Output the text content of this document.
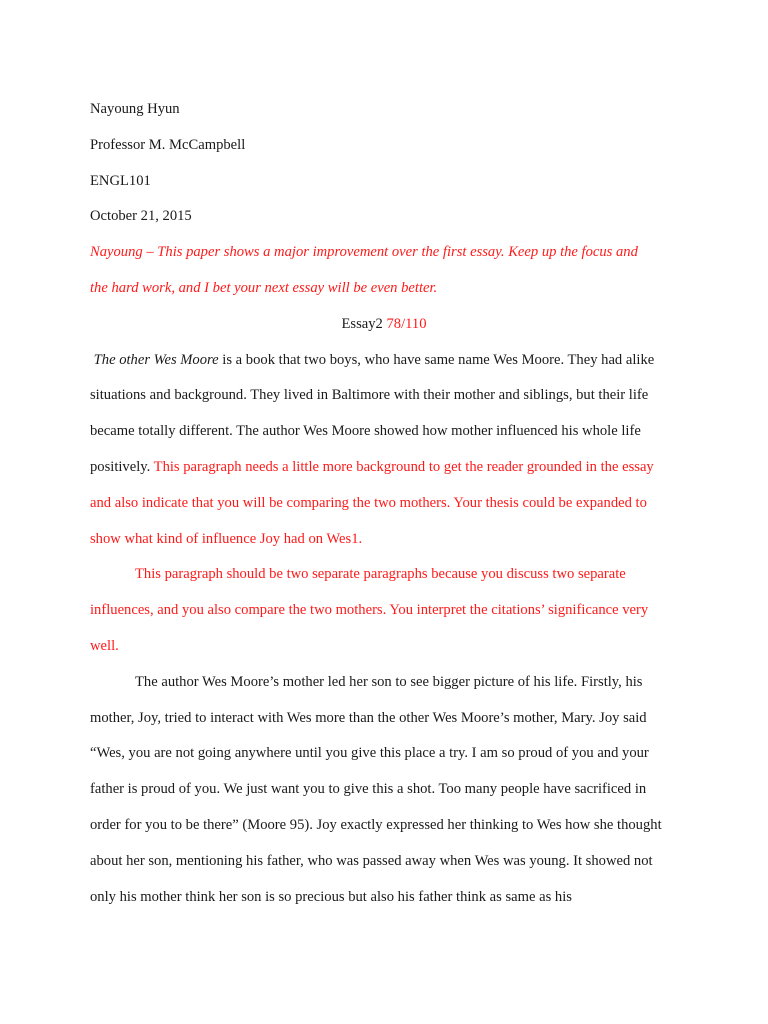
Nayoung Hyun

Professor M. McCampbell

ENGL101

October 21, 2015

Nayoung – This paper shows a major improvement over the first essay. Keep up the focus and

the hard work, and I bet your next essay will be even better.

Essay2 78/110

The other Wes Moore is a book that two boys, who have same name Wes Moore. They had alike situations and background. They lived in Baltimore with their mother and siblings, but their life became totally different. The author Wes Moore showed how mother influenced his whole life positively. This paragraph needs a little more background to get the reader grounded in the essay and also indicate that you will be comparing the two mothers. Your thesis could be expanded to show what kind of influence Joy had on Wes1.

This paragraph should be two separate paragraphs because you discuss two separate influences, and you also compare the two mothers. You interpret the citations’ significance very well.

The author Wes Moore’s mother led her son to see bigger picture of his life. Firstly, his mother, Joy, tried to interact with Wes more than the other Wes Moore’s mother, Mary. Joy said “Wes, you are not going anywhere until you give this place a try. I am so proud of you and your father is proud of you. We just want you to give this a shot. Too many people have sacrificed in order for you to be there” (Moore 95). Joy exactly expressed her thinking to Wes how she thought about her son, mentioning his father, who was passed away when Wes was young. It showed not only his mother think her son is so precious but also his father think as same as his
